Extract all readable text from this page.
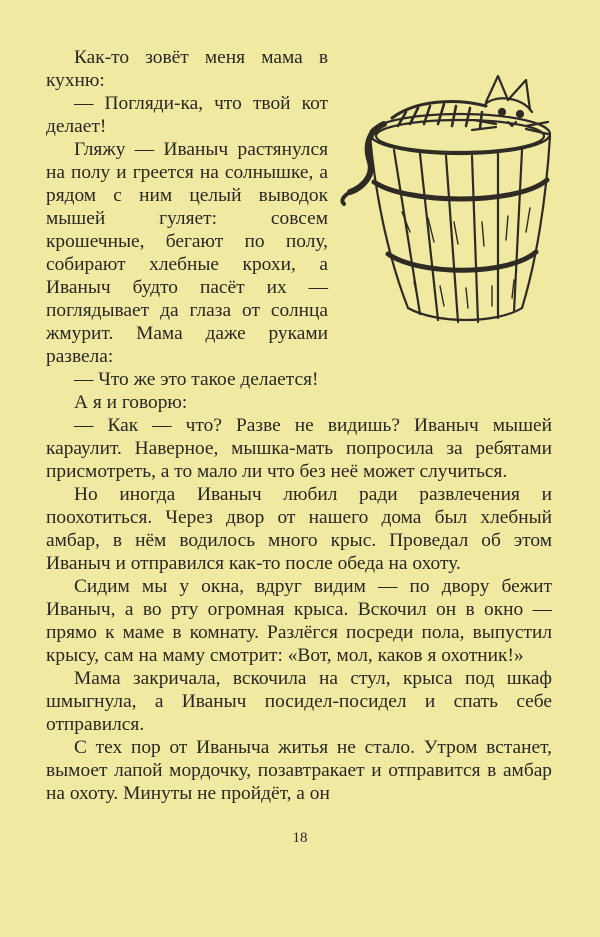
Как-то зовёт меня мама в кухню:

— Погляди-ка, что твой кот делает!

Гляжу — Иваныч растянулся на полу и греется на солнышке, а рядом с ним целый выводок мышей гуляет: совсем крошечные, бегают по полу, собирают хлебные крохи, а Иваныч будто пасёт их — поглядывает да глаза от солнца жмурит. Мама даже руками развела:

— Что же это такое делается!

А я и говорю:

— Как — что? Разве не видишь? Иваныч мышей караулит. Наверное, мышка-мать попросила за ребятами присмотреть, а то мало ли что без неё может случиться.

Но иногда Иваныч любил ради развлечения и поохотиться. Через двор от нашего дома был хлебный амбар, в нём водилось много крыс. Проведал об этом Иваныч и отправился как-то после обеда на охоту.

Сидим мы у окна, вдруг видим — по двору бежит Иваныч, а во рту огромная крыса. Вскочил он в окно — прямо к маме в комнату. Разлёгся посреди пола, выпустил крысу, сам на маму смотрит: «Вот, мол, каков я охотник!»

Мама закричала, вскочила на стул, крыса под шкаф шмыгнула, а Иваныч посидел-посидел и спать себе отправился.

С тех пор от Иваныча житья не стало. Утром встанет, вымоет лапой мордочку, позавтракает и отправится в амбар на охоту. Минуты не пройдёт, а он

18
